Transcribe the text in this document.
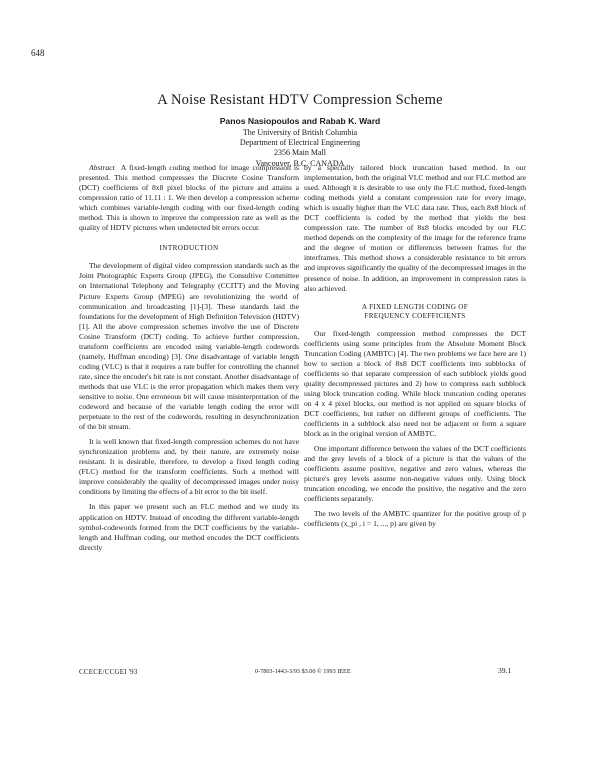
648
A Noise Resistant HDTV Compression Scheme
Panos Nasiopoulos and Rabab K. Ward
The University of British Columbia
Department of Electrical Engineering
2356 Main Mall
Vancouver, B.C. CANADA

Abstract A fixed-length coding method for image compression is presented. This method compresses the Discrete Cosine Transform (DCT) coefficients of 8x8 pixel blocks of the picture and attains a compression ratio of 11.11 : 1. We then develop a compression scheme which combines variable-length coding with our fixed-length coding method. This is shown to improve the compression rate as well as the quality of HDTV pictures when undetected bit errors occur.

INTRODUCTION

The development of digital video compression standards such as the Joint Photographic Experts Group (JPEG), the Consultive Committee on International Telephony and Telegraphy (CCITT) and the Moving Picture Experts Group (MPEG) are revolutionizing the world of communication and broadcasting [1]-[3]. These standards laid the foundations for the development of High Definition Television (HDTV) [1]. All the above compression schemes involve the use of Discrete Cosine Transform (DCT) coding. To achieve further compression, transform coefficients are encoded using variable-length codewords (namely, Huffman encoding) [3]. One disadvantage of variable length coding (VLC) is that it requires a rate buffer for controlling the channel rate, since the encoder's bit rate is not constant. Another disadvantage of methods that use VLC is the error propagation which makes them very sensitive to noise. One erroneous bit will cause misinterpretation of the codeword and because of the variable length coding the error will perpetuate to the rest of the codewords, resulting in desynchronization of the bit stream.

It is well known that fixed-length compression schemes do not have synchronization problems and, by their nature, are extremely noise resistant. It is desirable, therefore, to develop a fixed length coding (FLC) method for the transform coefficients. Such a method will improve considerably the quality of decompressed images under noisy conditions by limiting the effects of a bit error to the bit itself.

In this paper we present such an FLC method and we study its application on HDTV. Instead of encoding the different variable-length symbol-codewords formed from the DCT coefficients by the variable-length and Huffman coding, our method encodes the DCT coefficients directly

by a specially tailored block truncation based method. In our implementation, both the original VLC method and our FLC method are used. Although it is desirable to use only the FLC method, fixed-length coding methods yield a constant compression rate for every image, which is usually higher than the VLC data rate. Thus, each 8x8 block of DCT coefficients is coded by the method that yields the best compression rate. The number of 8x8 blocks encoded by our FLC method depends on the complexity of the image for the reference frame and the degree of motion or differences between frames for the interframes. This method shows a considerable resistance to bit errors and improves significantly the quality of the decompressed images in the presence of noise. In addition, an improvement in compression rates is also achieved.

A FIXED LENGTH CODING OF
FREQUENCY COEFFICIENTS

Our fixed-length compression method compresses the DCT coefficients using some principles from the Absolute Moment Block Truncation Coding (AMBTC) [4]. The two problems we face here are 1) how to section a block of 8x8 DCT coefficients into subblocks of coefficients so that separate compression of each subblock yields good quality decompressed pictures and 2) how to compress each subblock using block truncation coding. While block truncation coding operates on 4 x 4 pixel blocks, our method is not applied on square blocks of DCT coefficients, but rather on different groups of coefficients. The coefficients in a subblock also need not be adjacent or form a square block as in the original version of AMBTC.

One important difference between the values of the DCT coefficients and the grey levels of a block of a picture is that the values of the coefficients assume positive, negative and zero values, whereas the picture's grey levels assume non-negative values only. Using block truncation encoding, we encode the positive, the negative and the zero coefficients separately.

The two levels of the AMBTC quantizer for the positive group of p coefficients (x_pi , i = 1, ..., p) are given by

CCECE/CCGEI '93	0-7803-1443-3/93 $3.00 © 1993 IEEE	39.1
